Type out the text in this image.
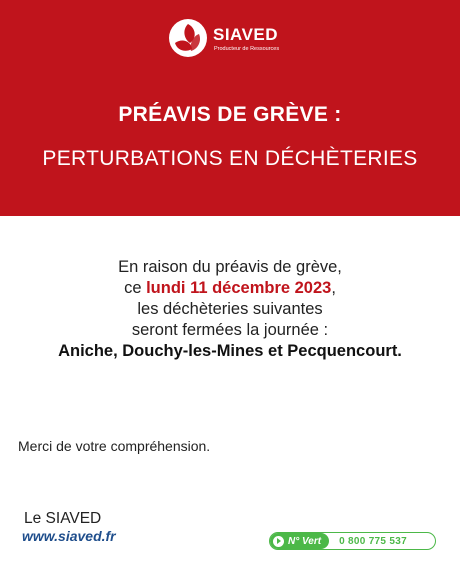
SIAVED
Producteur de Ressources
PRÉAVIS DE GRÈVE :
PERTURBATIONS EN DÉCHÈTERIES
En raison du préavis de grève,
ce lundi 11 décembre 2023,
les déchèteries suivantes
seront fermées la journée :
Aniche, Douchy-les-Mines et Pecquencourt.
Merci de votre compréhension.
Le SIAVED
www.siaved.fr	N° Vert 0 800 775 537
